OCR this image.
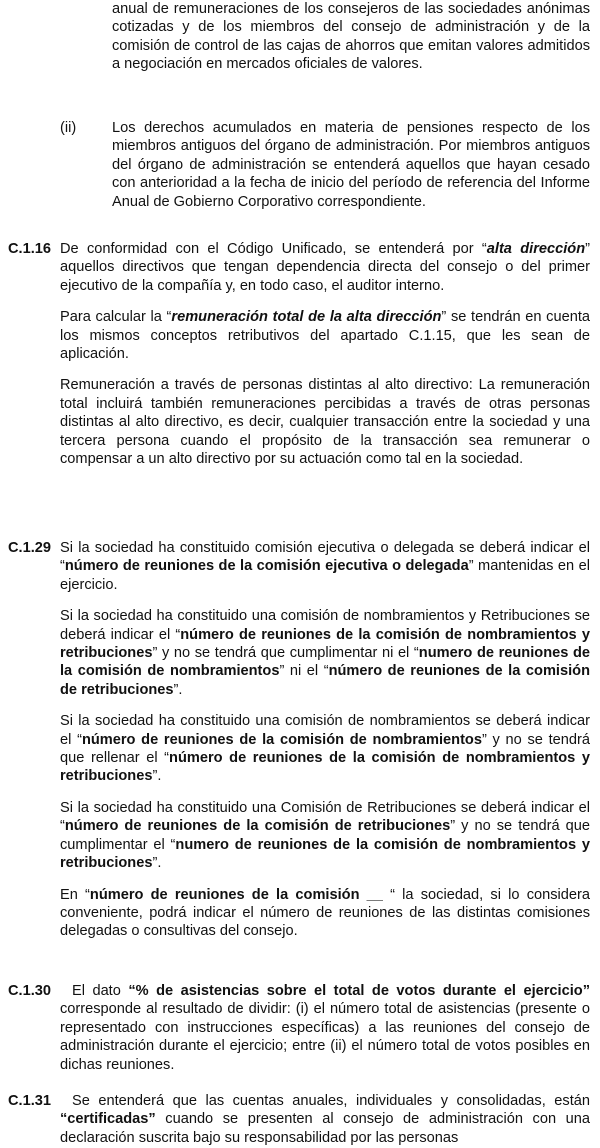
anual de remuneraciones de los consejeros de las sociedades anónimas cotizadas y de los miembros del consejo de administración y de la comisión de control de las cajas de ahorros que emitan valores admitidos a negociación en mercados oficiales de valores.

(ii) Los derechos acumulados en materia de pensiones respecto de los miembros antiguos del órgano de administración. Por miembros antiguos del órgano de administración se entenderá aquellos que hayan cesado con anterioridad a la fecha de inicio del período de referencia del Informe Anual de Gobierno Corporativo correspondiente.

C.1.16 De conformidad con el Código Unificado, se entenderá por “alta dirección” aquellos directivos que tengan dependencia directa del consejo o del primer ejecutivo de la compañía y, en todo caso, el auditor interno.

Para calcular la “remuneración total de la alta dirección” se tendrán en cuenta los mismos conceptos retributivos del apartado C.1.15, que les sean de aplicación.

Remuneración a través de personas distintas al alto directivo: La remuneración total incluirá también remuneraciones percibidas a través de otras personas distintas al alto directivo, es decir, cualquier transacción entre la sociedad y una tercera persona cuando el propósito de la transacción sea remunerar o compensar a un alto directivo por su actuación como tal en la sociedad.

C.1.29 Si la sociedad ha constituido comisión ejecutiva o delegada se deberá indicar el “número de reuniones de la comisión ejecutiva o delegada” mantenidas en el ejercicio.

Si la sociedad ha constituido una comisión de nombramientos y Retribuciones se deberá indicar el “número de reuniones de la comisión de nombramientos y retribuciones” y no se tendrá que cumplimentar ni el “numero de reuniones de la comisión de nombramientos” ni el “número de reuniones de la comisión de retribuciones”.

Si la sociedad ha constituido una comisión de nombramientos se deberá indicar el “número de reuniones de la comisión de nombramientos” y no se tendrá que rellenar el “número de reuniones de la comisión de nombramientos y retribuciones”.

Si la sociedad ha constituido una Comisión de Retribuciones se deberá indicar el “número de reuniones de la comisión de retribuciones” y no se tendrá que cumplimentar el “numero de reuniones de la comisión de nombramientos y retribuciones”.

En “número de reuniones de la comisión __ “ la sociedad, si lo considera conveniente, podrá indicar el número de reuniones de las distintas comisiones delegadas o consultivas del consejo.

C.1.30	El dato “% de asistencias sobre el total de votos durante el ejercicio” corresponde al resultado de dividir: (i) el número total de asistencias (presente o representado con instrucciones específicas) a las reuniones del consejo de administración durante el ejercicio; entre (ii) el número total de votos posibles en dichas reuniones.

C.1.31	Se entenderá que las cuentas anuales, individuales y consolidadas, están “certificadas” cuando se presenten al consejo de administración con una declaración suscrita bajo su responsabilidad por las personas
